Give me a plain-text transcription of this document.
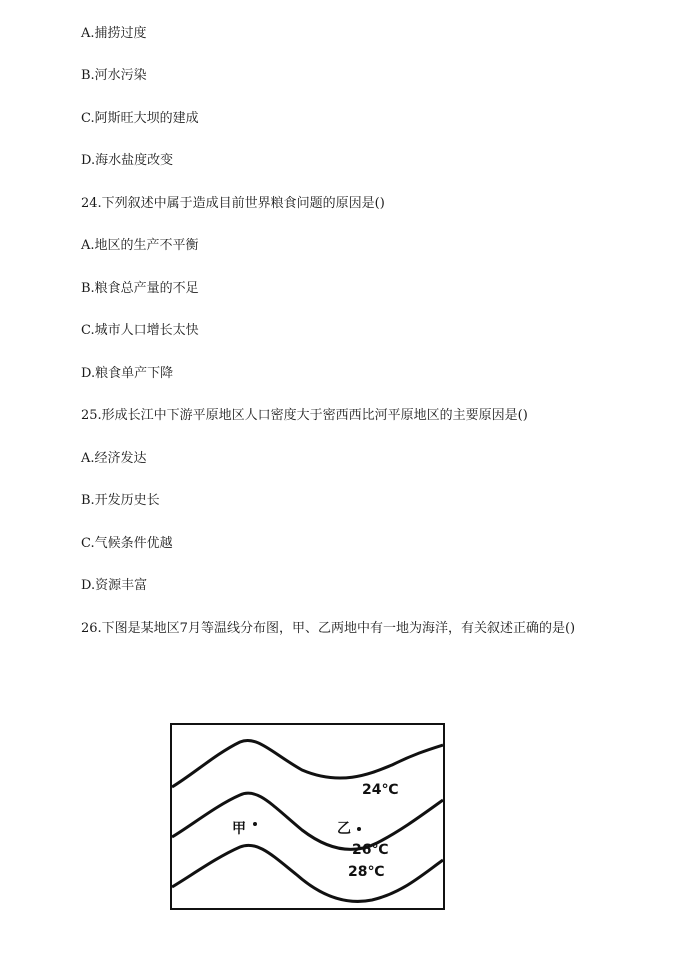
A.捕捞过度
B.河水污染
C.阿斯旺大坝的建成
D.海水盐度改变
24.下列叙述中属于造成目前世界粮食问题的原因是()
A.地区的生产不平衡
B.粮食总产量的不足
C.城市人口增长太快
D.粮食单产下降
25.形成长江中下游平原地区人口密度大于密西西比河平原地区的主要原因是()
A.经济发达
B.开发历史长
C.气候条件优越
D.资源丰富
26.下图是某地区7月等温线分布图，甲、乙两地中有一地为海洋，有关叙述正确的是()
24℃
26℃
28℃
甲	乙
